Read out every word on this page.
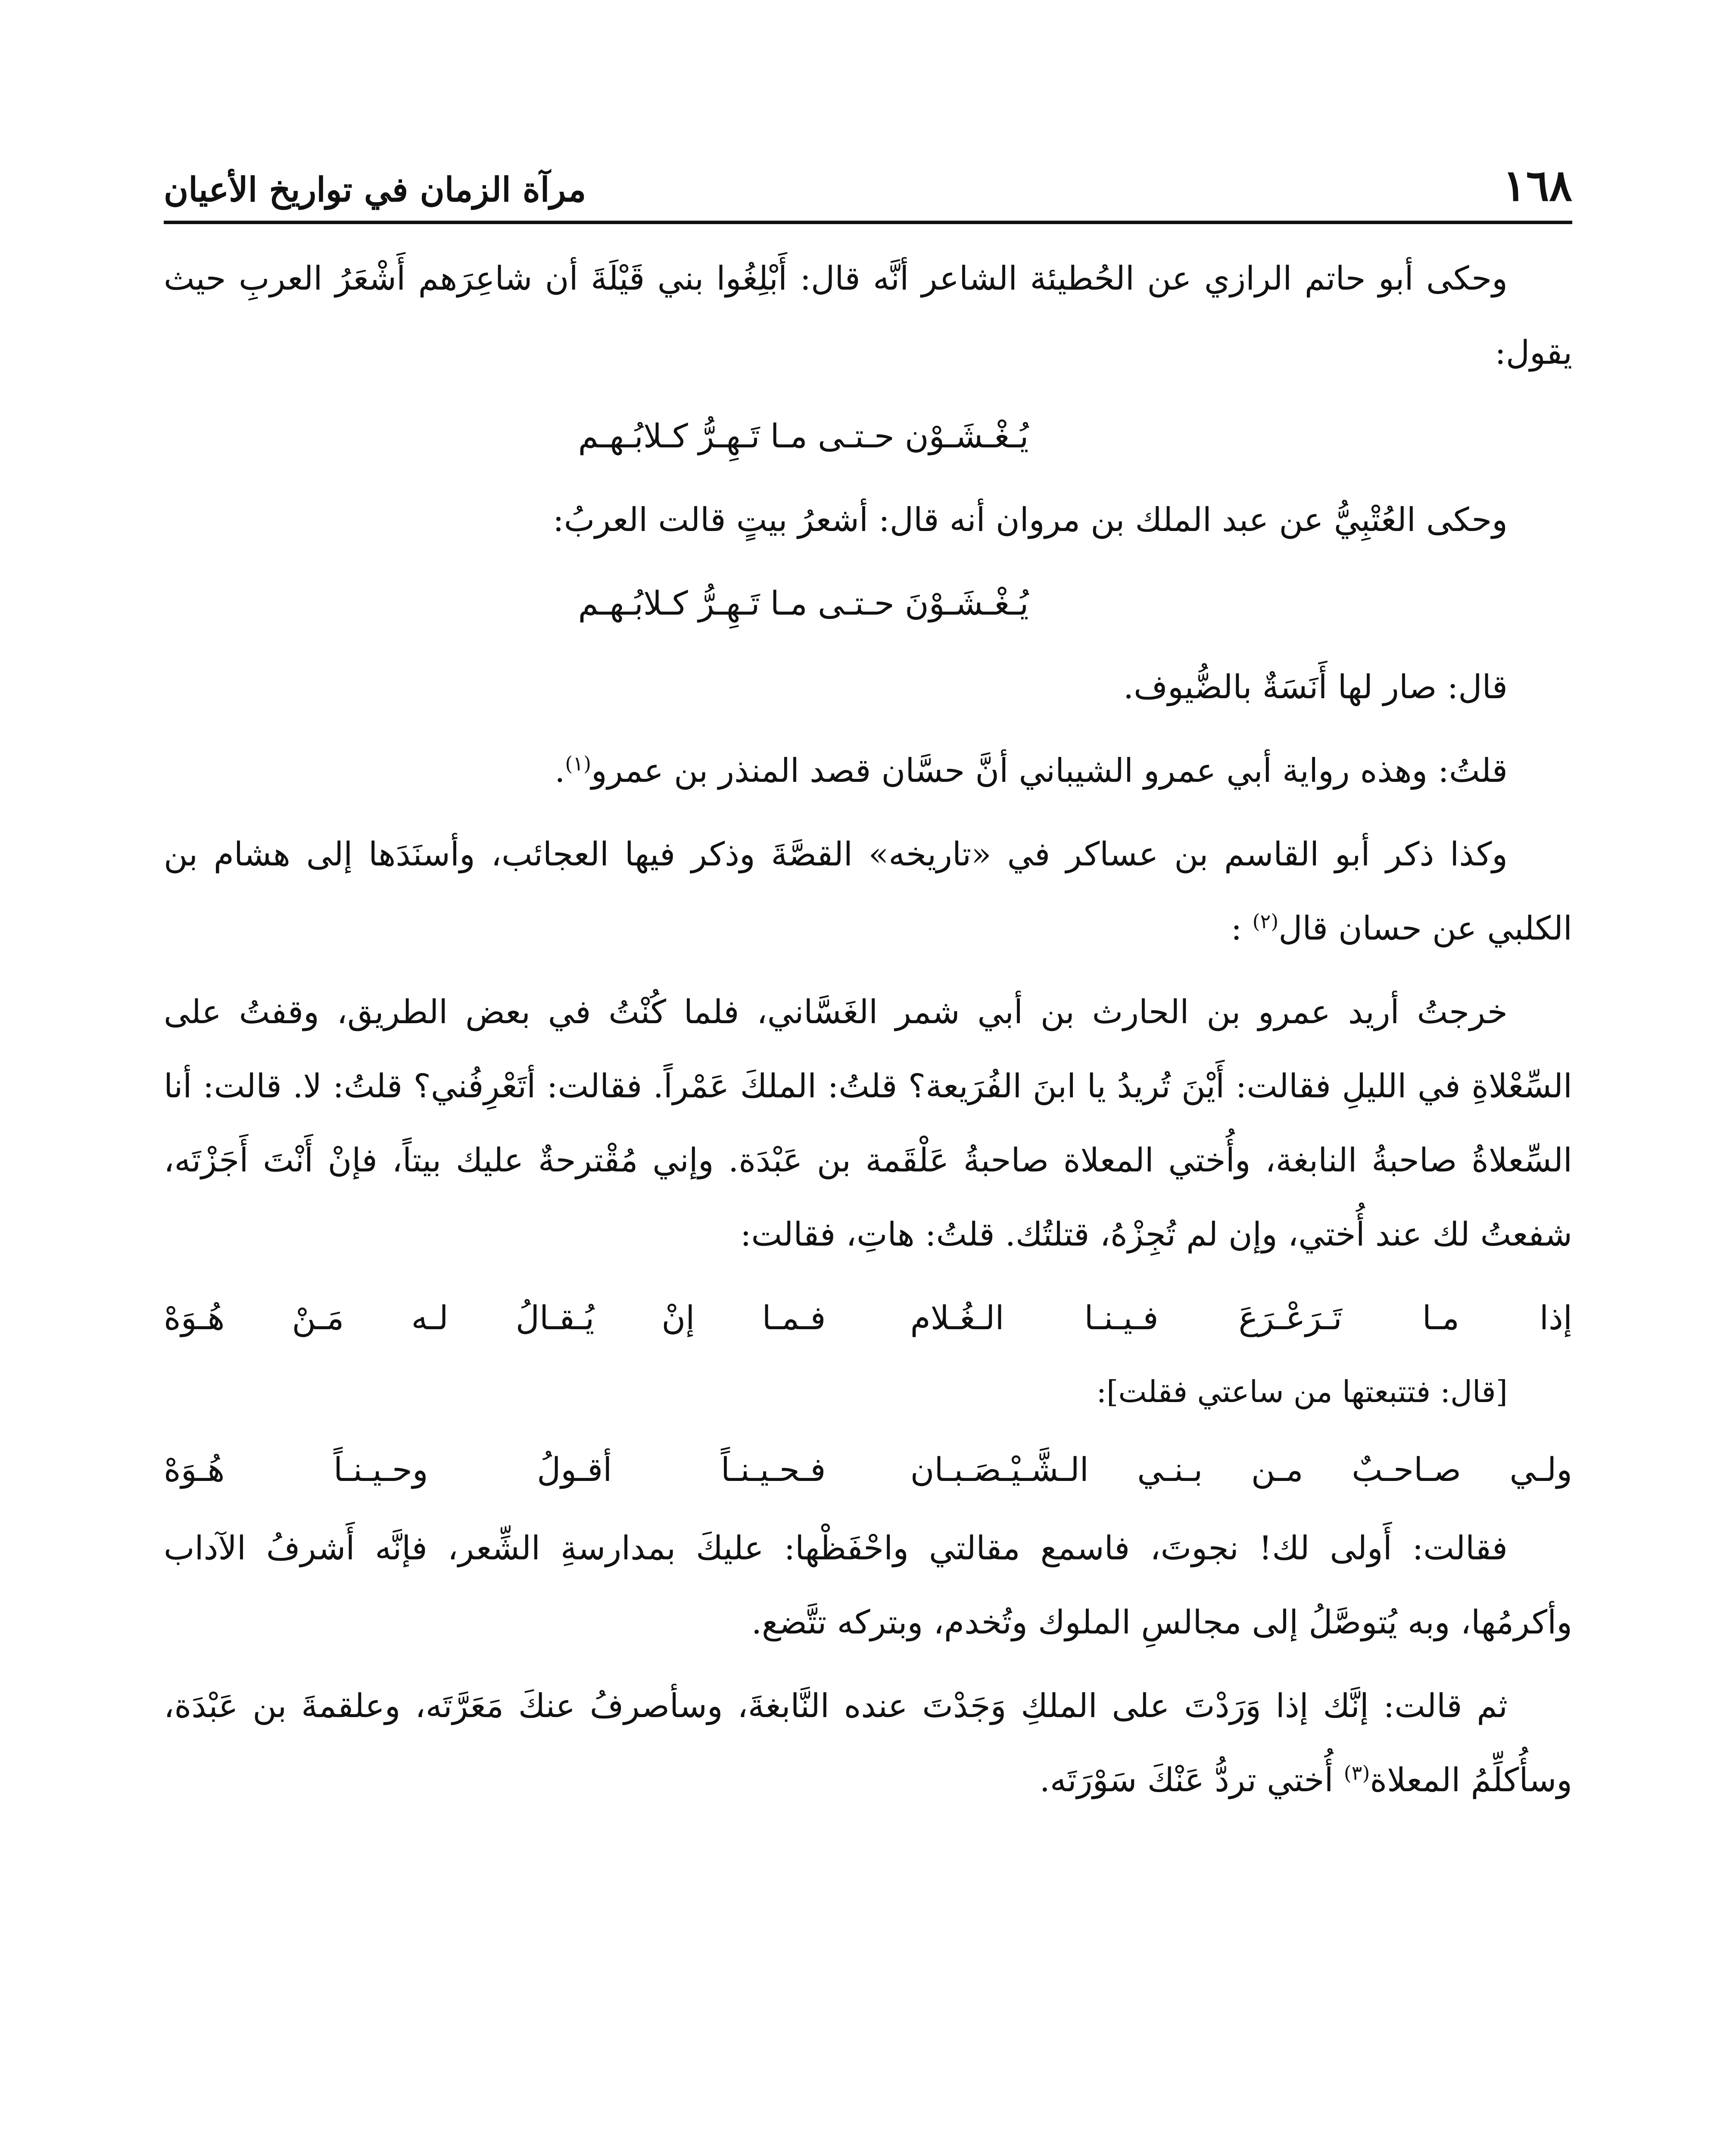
١٦٨
مرآة الزمان في تواريخ الأعيان

وحكى أبو حاتم الرازي عن الحُطيئة الشاعر أنَّه قال: أَبْلِغُوا بني قَيْلَةَ أن شاعِرَهم أَشْعَرُ العربِ حيث يقول:

يُـغْـشَـوْن حـتـى مـا تَـهِـرُّ كـلابُـهـم

وحكى العُتْبِيُّ عن عبد الملك بن مروان أنه قال: أشعرُ بيتٍ قالت العربُ:

يُـغْـشَـوْنَ حـتـى مـا تَـهِـرُّ كـلابُـهـم

قال: صار لها أَنَسَةٌ بالضُّيوف.

قلتُ: وهذه رواية أبي عمرو الشيباني أنَّ حسَّان قصد المنذر بن عمرو$^{(١)}$.

وكذا ذكر أبو القاسم بن عساكر في «تاريخه» القصَّةَ وذكر فيها العجائب، وأسنَدَها إلى هشام بن الكلبي عن حسان قال$^{(٢)}$ :

خرجتُ أريد عمرو بن الحارث بن أبي شمر الغَسَّاني، فلما كُنْتُ في بعض الطريق، وقفتُ على السِّعْلاةِ في الليلِ فقالت: أَيْنَ تُريدُ يا ابنَ الفُرَيعة؟ قلتُ: الملكَ عَمْراً. فقالت: أتَعْرِفُني؟ قلتُ: لا. قالت: أنا السِّعلاةُ صاحبةُ النابغة، وأُختي المعلاة صاحبةُ عَلْقَمة بن عَبْدَة. وإني مُقْترحةٌ عليك بيتاً، فإنْ أَنْتَ أَجَزْتَه، شفعتُ لك عند أُختي، وإن لم تُجِزْهُ، قتلتُك. قلتُ: هاتِ، فقالت:

إذا مـا تَـرَعْـرَعَ فـيـنـا الـغُـلام
فـمـا إنْ يُـقـالُ لـه مَـنْ هُـوَهْ
[قال: فتتبعتها من ساعتي فقلت]:
ولـي صـاحـبٌ مـن بـنـي الـشَّـيْـصَـبـان
فـحـيـنـاً أقـولُ وحـيـنـاً هُـوَهْ

فقالت: أَولى لك! نجوتَ، فاسمع مقالتي واحْفَظْها: عليكَ بمدارسةِ الشِّعر، فإنَّه أَشرفُ الآداب وأكرمُها، وبه يُتوصَّلُ إلى مجالسِ الملوك وتُخدم، وبتركه تتَّضع.

ثم قالت: إنَّك إذا وَرَدْتَ على الملكِ وَجَدْتَ عنده النَّابغةَ، وسأصرفُ عنكَ مَعَرَّتَه، وعلقمةَ بن عَبْدَة، وسأُكلِّمُ المعلاة$^{(٣)}$ أُختي تردُّ عَنْكَ سَوْرَتَه.
